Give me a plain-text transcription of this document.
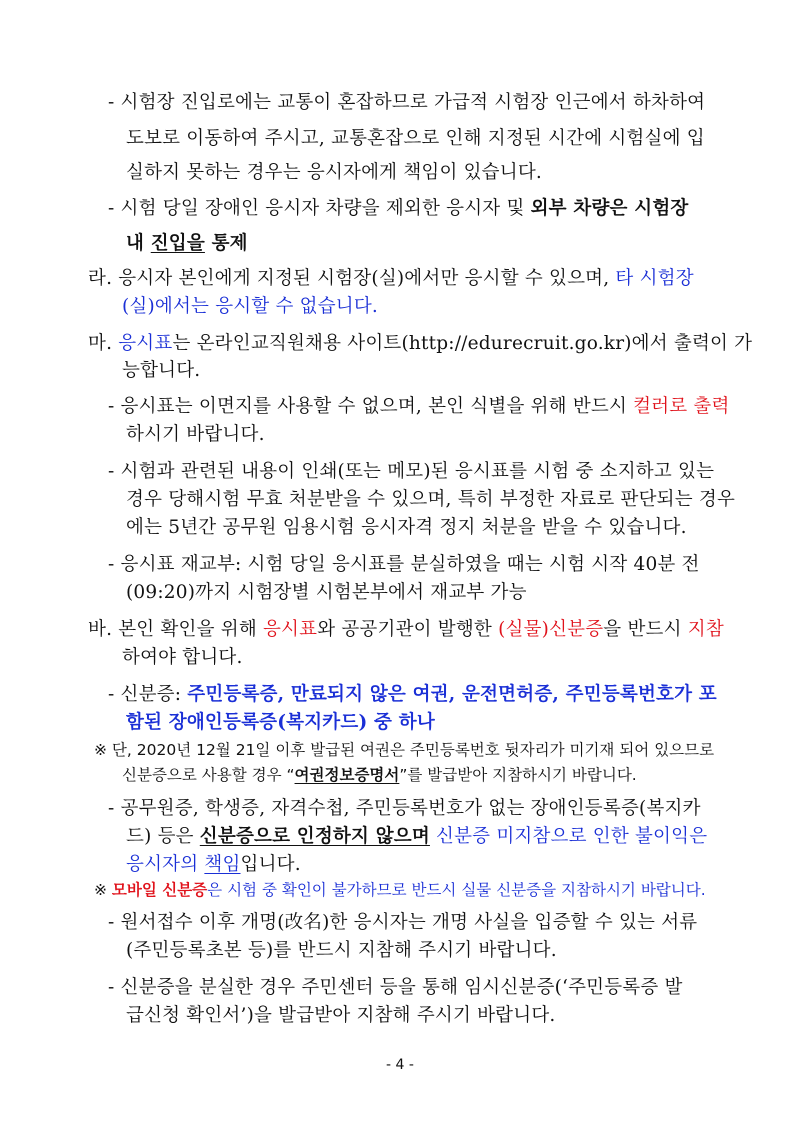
- 시험장 진입로에는 교통이 혼잡하므로 가급적 시험장 인근에서 하차하여
도보로 이동하여 주시고, 교통혼잡으로 인해 지정된 시간에 시험실에 입
실하지 못하는 경우는 응시자에게 책임이 있습니다.
- 시험 당일 장애인 응시자 차량을 제외한 응시자 및 외부 차량은 시험장
내 진입을 통제
라. 응시자 본인에게 지정된 시험장(실)에서만 응시할 수 있으며, 타 시험장
(실)에서는 응시할 수 없습니다.
마. 응시표는 온라인교직원채용 사이트(http://edurecruit.go.kr)에서 출력이 가
능합니다.
- 응시표는 이면지를 사용할 수 없으며, 본인 식별을 위해 반드시 컬러로 출력
하시기 바랍니다.
- 시험과 관련된 내용이 인쇄(또는 메모)된 응시표를 시험 중 소지하고 있는
경우 당해시험 무효 처분받을 수 있으며, 특히 부정한 자료로 판단되는 경우
에는 5년간 공무원 임용시험 응시자격 정지 처분을 받을 수 있습니다.
- 응시표 재교부: 시험 당일 응시표를 분실하였을 때는 시험 시작 40분 전
(09:20)까지 시험장별 시험본부에서 재교부 가능
바. 본인 확인을 위해 응시표와 공공기관이 발행한 (실물)신분증을 반드시 지참
하여야 합니다.
- 신분증: 주민등록증, 만료되지 않은 여권, 운전면허증, 주민등록번호가 포
함된 장애인등록증(복지카드) 중 하나
※ 단, 2020년 12월 21일 이후 발급된 여권은 주민등록번호 뒷자리가 미기재 되어 있으므로
신분증으로 사용할 경우 “여권정보증명서”를 발급받아 지참하시기 바랍니다.
- 공무원증, 학생증, 자격수첩, 주민등록번호가 없는 장애인등록증(복지카
드) 등은 신분증으로 인정하지 않으며 신분증 미지참으로 인한 불이익은
응시자의 책임입니다.
※ 모바일 신분증은 시험 중 확인이 불가하므로 반드시 실물 신분증을 지참하시기 바랍니다.
- 원서접수 이후 개명(改名)한 응시자는 개명 사실을 입증할 수 있는 서류
(주민등록초본 등)를 반드시 지참해 주시기 바랍니다.
- 신분증을 분실한 경우 주민센터 등을 통해 임시신분증(‘주민등록증 발
급신청 확인서’)을 발급받아 지참해 주시기 바랍니다.
- 4 -
